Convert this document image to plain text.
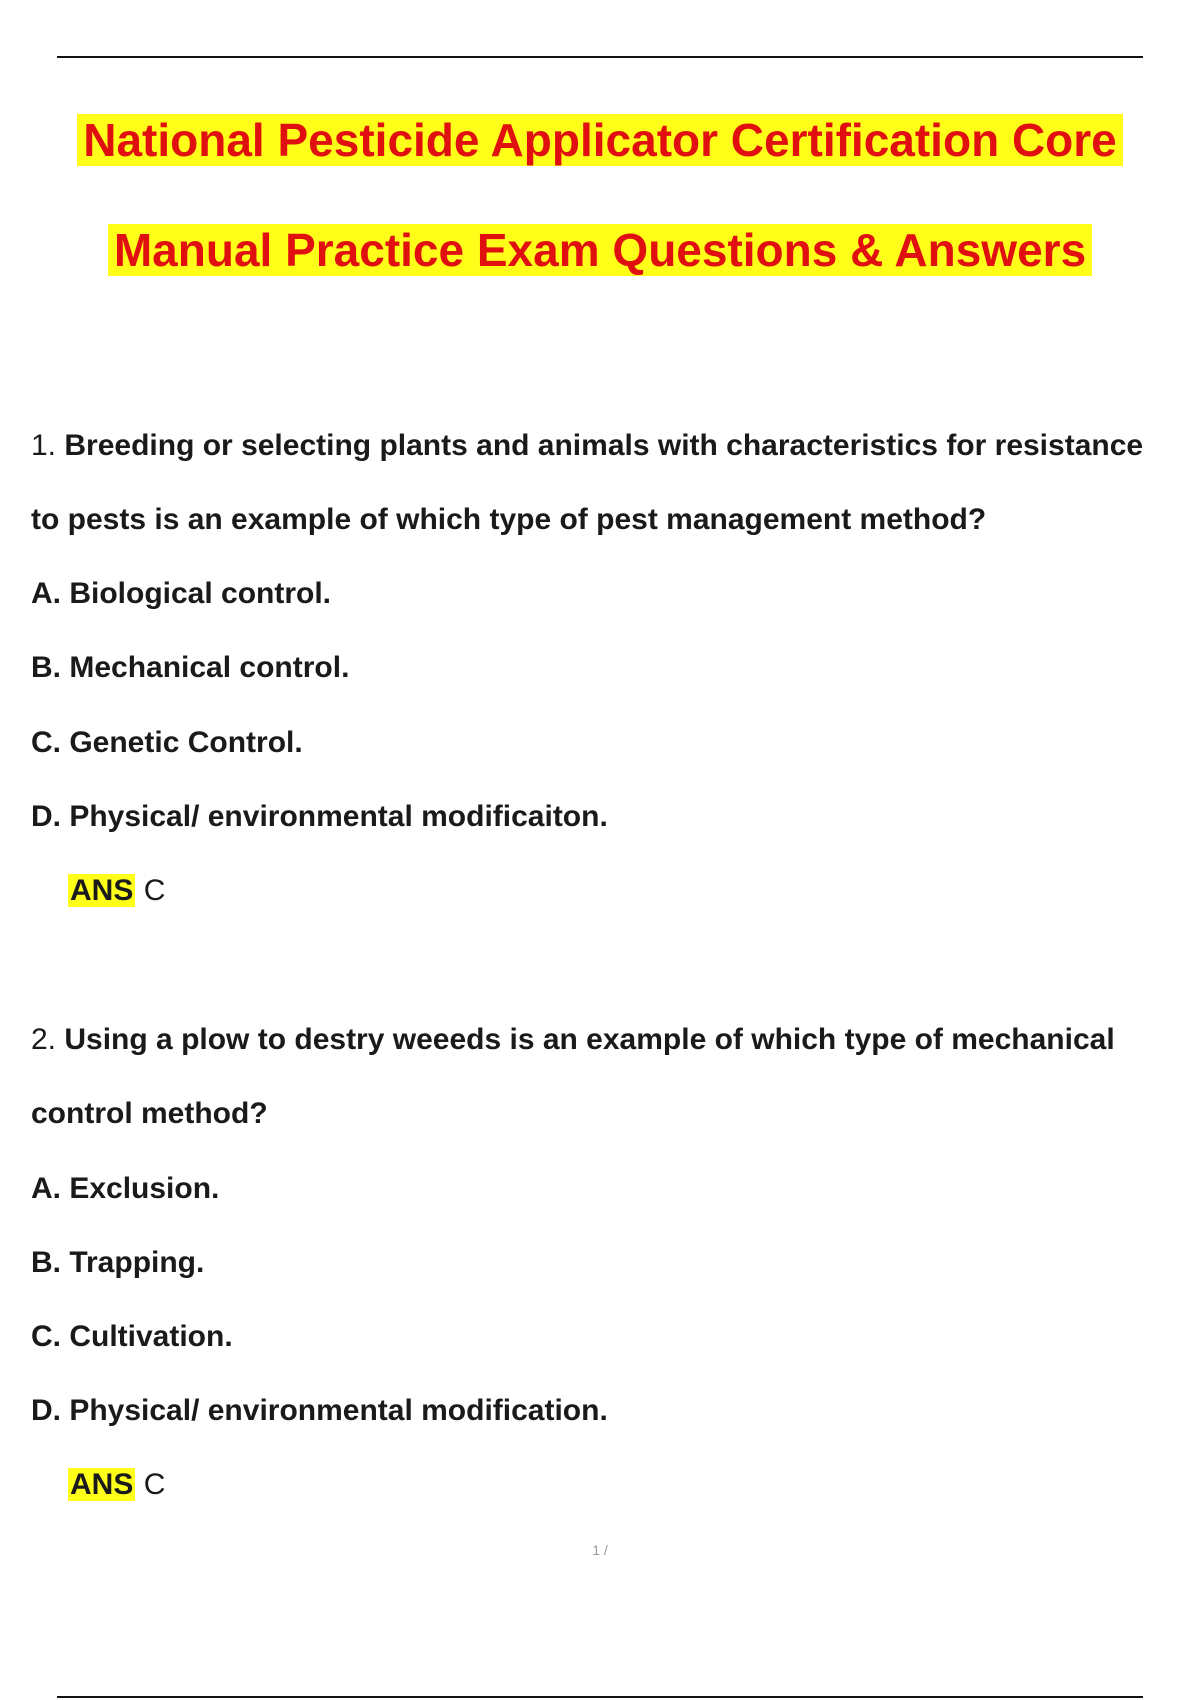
National Pesticide Applicator Certification Core
Manual Practice Exam Questions & Answers
1. Breeding or selecting plants and animals with characteristics for resistance
to pests is an example of which type of pest management method?
A. Biological control.
B. Mechanical control.
C. Genetic Control.
D. Physical/ environmental modificaiton.
ANS C
2. Using a plow to destry weeeds is an example of which type of mechanical
control method?
A. Exclusion.
B. Trapping.
C. Cultivation.
D. Physical/ environmental modification.
ANS C
1 /
